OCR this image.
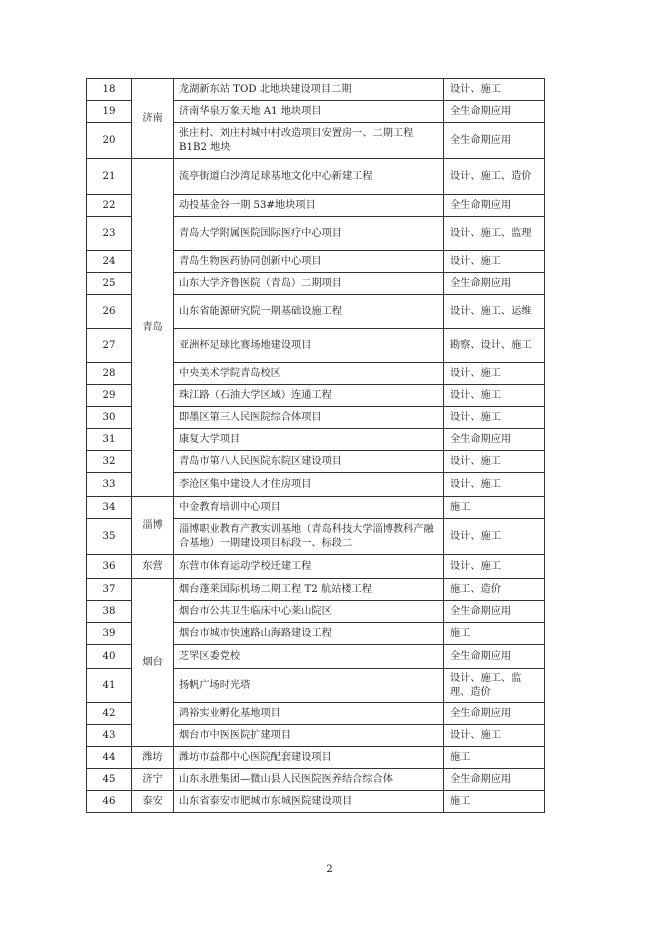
18	济南	龙湖新东站 TOD 北地块建设项目二期	设计、施工
19		济南华泉万象天地 A1 地块项目	全生命期应用
20		张庄村、刘庄村城中村改造项目安置房一、二期工程 B1B2 地块	全生命期应用
21	青岛	流亭街道白沙湾足球基地文化中心新建工程	设计、施工、造价
22		动投基金谷一期 53#地块项目	全生命期应用
23		青岛大学附属医院国际医疗中心项目	设计、施工、监理
24		青岛生物医药协同创新中心项目	设计、施工
25		山东大学齐鲁医院（青岛）二期项目	全生命期应用
26		山东省能源研究院一期基础设施工程	设计、施工、运维
27		亚洲杯足球比赛场地建设项目	勘察、设计、施工
28		中央美术学院青岛校区	设计、施工
29		珠江路（石油大学区域）连通工程	设计、施工
30		即墨区第三人民医院综合体项目	设计、施工
31		康复大学项目	全生命期应用
32		青岛市第八人民医院东院区建设项目	设计、施工
33		李沧区集中建设人才住房项目	设计、施工
34	淄博	中金教育培训中心项目	施工
35		淄博职业教育产教实训基地（青岛科技大学淄博教科产融合基地）一期建设项目标段一、标段二	设计、施工
36	东营	东营市体育运动学校迁建工程	设计、施工
37	烟台	烟台蓬莱国际机场二期工程 T2 航站楼工程	施工、造价
38		烟台市公共卫生临床中心莱山院区	全生命期应用
39		烟台市城市快速路山海路建设工程	施工
40		芝罘区委党校	全生命期应用
41		扬帆广场时光塔	设计、施工、监理、造价
42		鸿裕实业孵化基地项目	全生命期应用
43		烟台市中医医院扩建项目	设计、施工
44	潍坊	潍坊市益都中心医院配套建设项目	施工
45	济宁	山东永胜集团—微山县人民医院医养结合综合体	全生命期应用
46	泰安	山东省泰安市肥城市东城医院建设项目	施工
2
